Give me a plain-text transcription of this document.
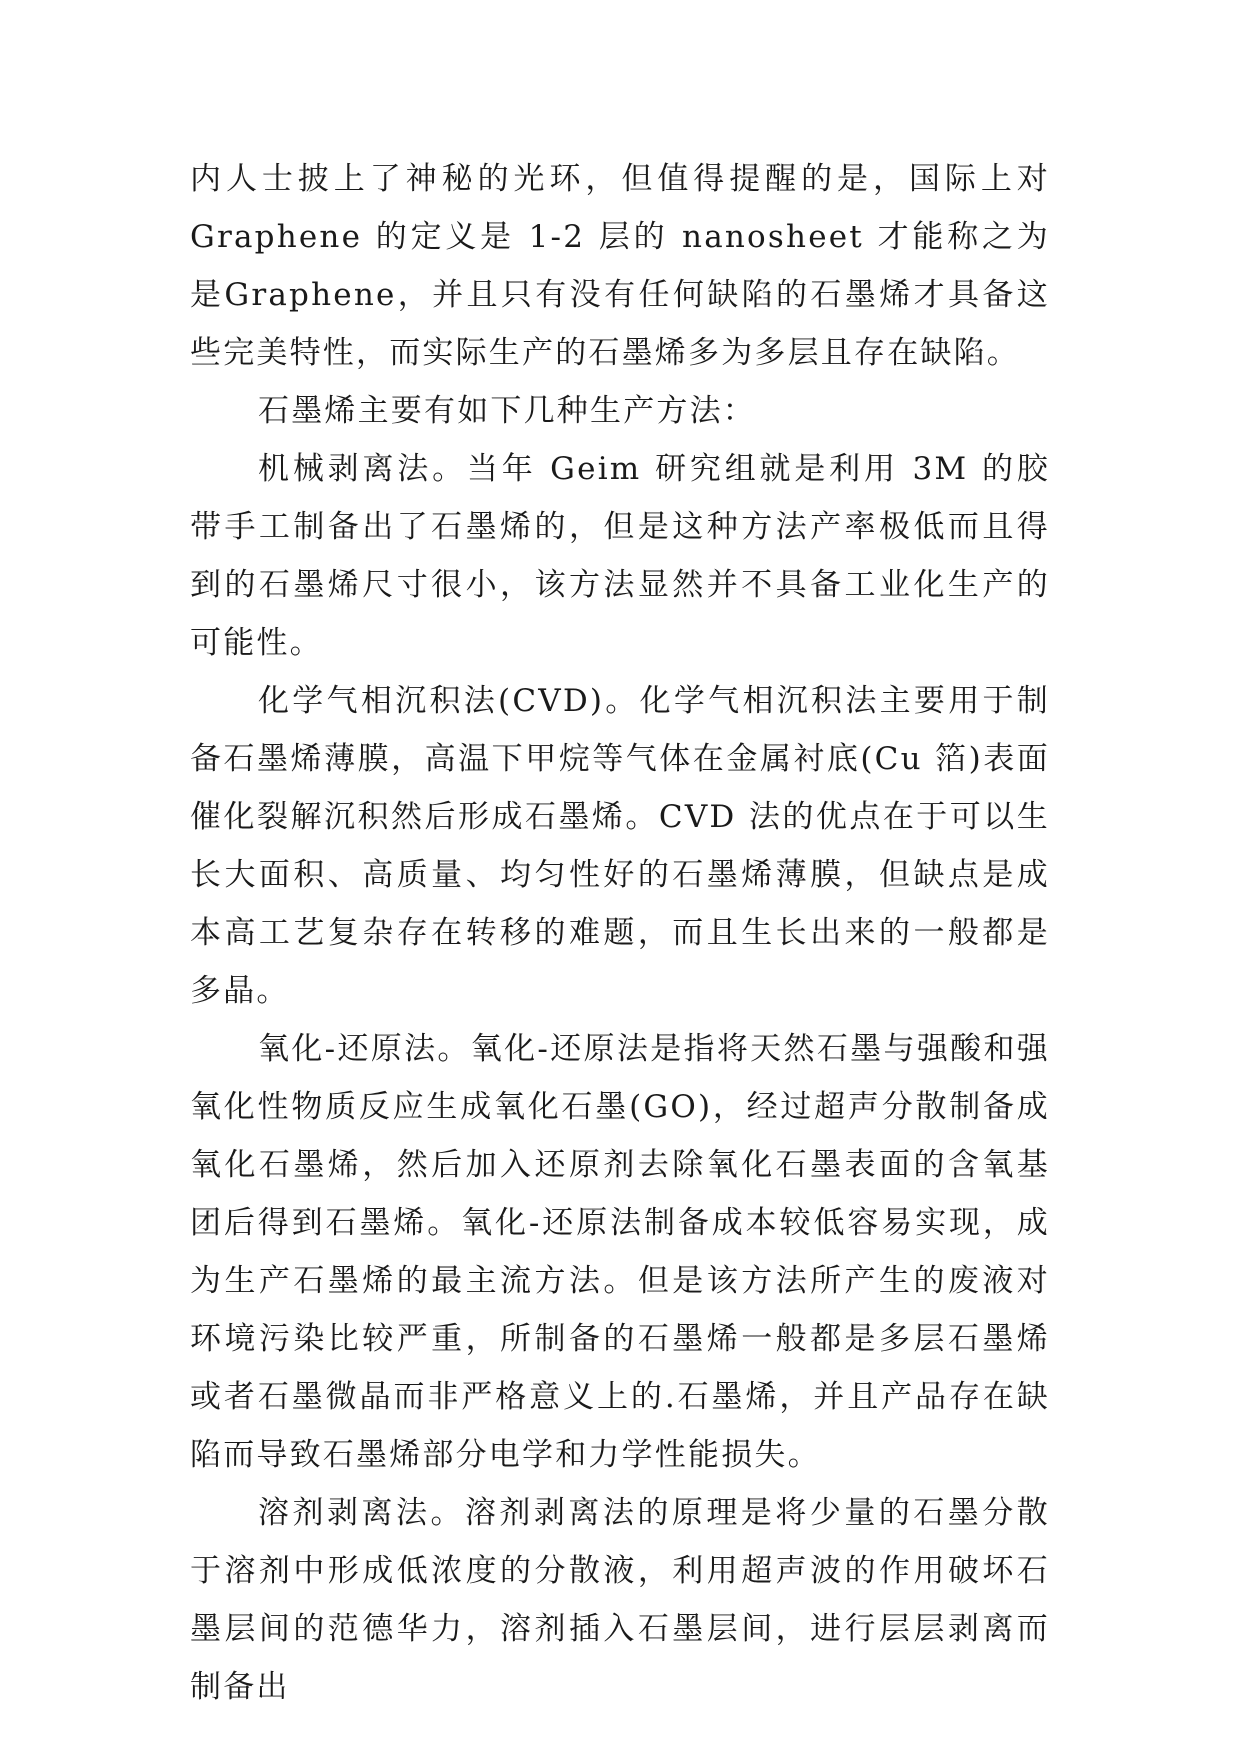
内人士披上了神秘的光环，但值得提醒的是，国际上对Graphene 的定义是 1-2 层的 nanosheet 才能称之为是Graphene，并且只有没有任何缺陷的石墨烯才具备这些完美特性，而实际生产的石墨烯多为多层且存在缺陷。

石墨烯主要有如下几种生产方法：

机械剥离法。当年 Geim 研究组就是利用 3M 的胶带手工制备出了石墨烯的，但是这种方法产率极低而且得到的石墨烯尺寸很小，该方法显然并不具备工业化生产的可能性。

化学气相沉积法(CVD)。化学气相沉积法主要用于制备石墨烯薄膜，高温下甲烷等气体在金属衬底(Cu 箔)表面催化裂解沉积然后形成石墨烯。CVD 法的优点在于可以生长大面积、高质量、均匀性好的石墨烯薄膜，但缺点是成本高工艺复杂存在转移的难题，而且生长出来的一般都是多晶。

氧化-还原法。氧化-还原法是指将天然石墨与强酸和强氧化性物质反应生成氧化石墨(GO)，经过超声分散制备成氧化石墨烯，然后加入还原剂去除氧化石墨表面的含氧基团后得到石墨烯。氧化-还原法制备成本较低容易实现，成为生产石墨烯的最主流方法。但是该方法所产生的废液对环境污染比较严重，所制备的石墨烯一般都是多层石墨烯或者石墨微晶而非严格意义上的.石墨烯，并且产品存在缺陷而导致石墨烯部分电学和力学性能损失。

溶剂剥离法。溶剂剥离法的原理是将少量的石墨分散于溶剂中形成低浓度的分散液，利用超声波的作用破坏石墨层间的范德华力，溶剂插入石墨层间，进行层层剥离而制备出
